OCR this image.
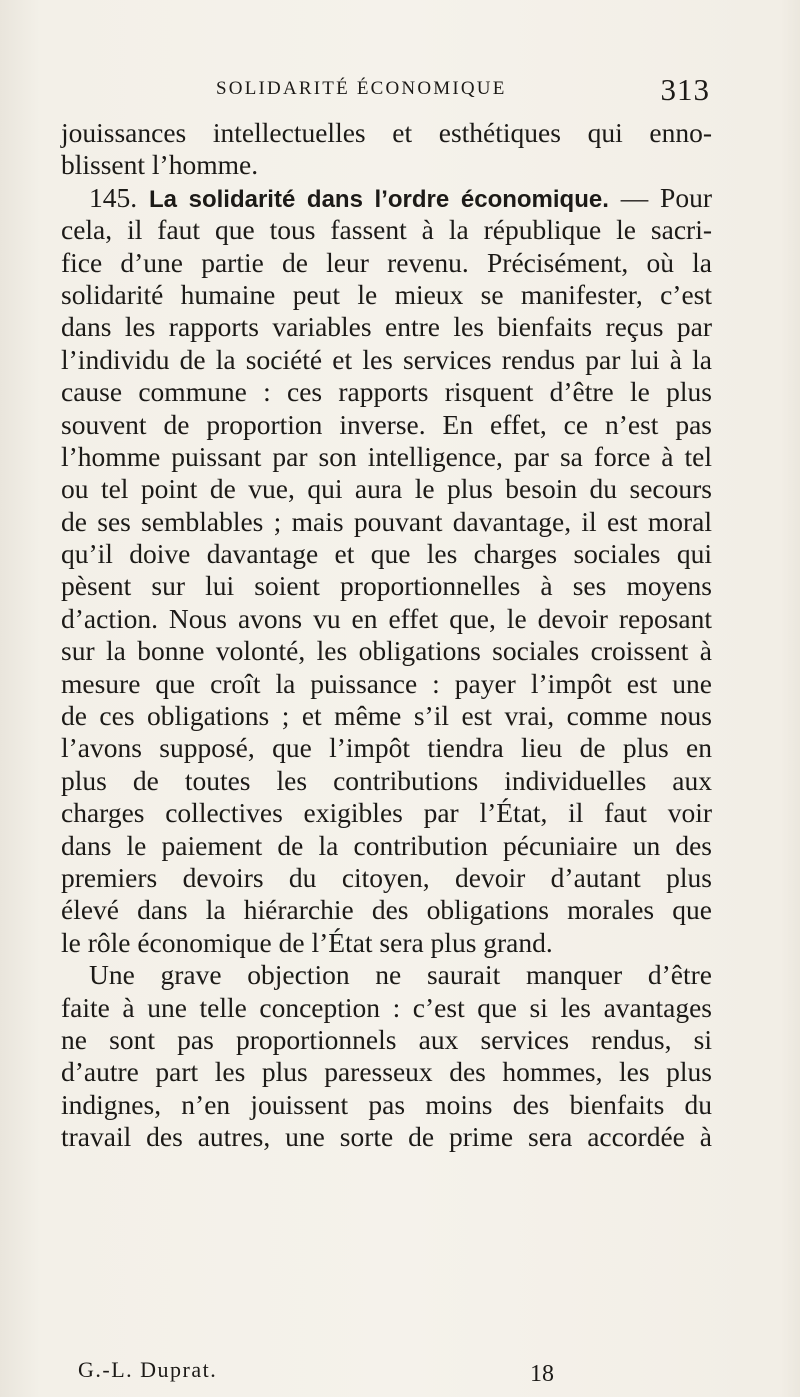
SOLIDARITÉ ÉCONOMIQUE	313
jouissances intellectuelles et esthétiques qui enno-
blissent l’homme.
145. La solidarité dans l’ordre économique. — Pour
cela, il faut que tous fassent à la république le sacri-
fice d’une partie de leur revenu. Précisément, où la
solidarité humaine peut le mieux se manifester, c’est
dans les rapports variables entre les bienfaits reçus par
l’individu de la société et les services rendus par lui à la
cause commune : ces rapports risquent d’être le plus
souvent de proportion inverse. En effet, ce n’est pas
l’homme puissant par son intelligence, par sa force à tel
ou tel point de vue, qui aura le plus besoin du secours
de ses semblables ; mais pouvant davantage, il est moral
qu’il doive davantage et que les charges sociales qui
pèsent sur lui soient proportionnelles à ses moyens
d’action. Nous avons vu en effet que, le devoir reposant
sur la bonne volonté, les obligations sociales croissent à
mesure que croît la puissance : payer l’impôt est une
de ces obligations ; et même s’il est vrai, comme nous
l’avons supposé, que l’impôt tiendra lieu de plus en
plus de toutes les contributions individuelles aux
charges collectives exigibles par l’État, il faut voir
dans le paiement de la contribution pécuniaire un des
premiers devoirs du citoyen, devoir d’autant plus
élevé dans la hiérarchie des obligations morales que
le rôle économique de l’État sera plus grand.
Une grave objection ne saurait manquer d’être
faite à une telle conception : c’est que si les avantages
ne sont pas proportionnels aux services rendus, si
d’autre part les plus paresseux des hommes, les plus
indignes, n’en jouissent pas moins des bienfaits du
travail des autres, une sorte de prime sera accordée à
G.-L. Duprat.	18
